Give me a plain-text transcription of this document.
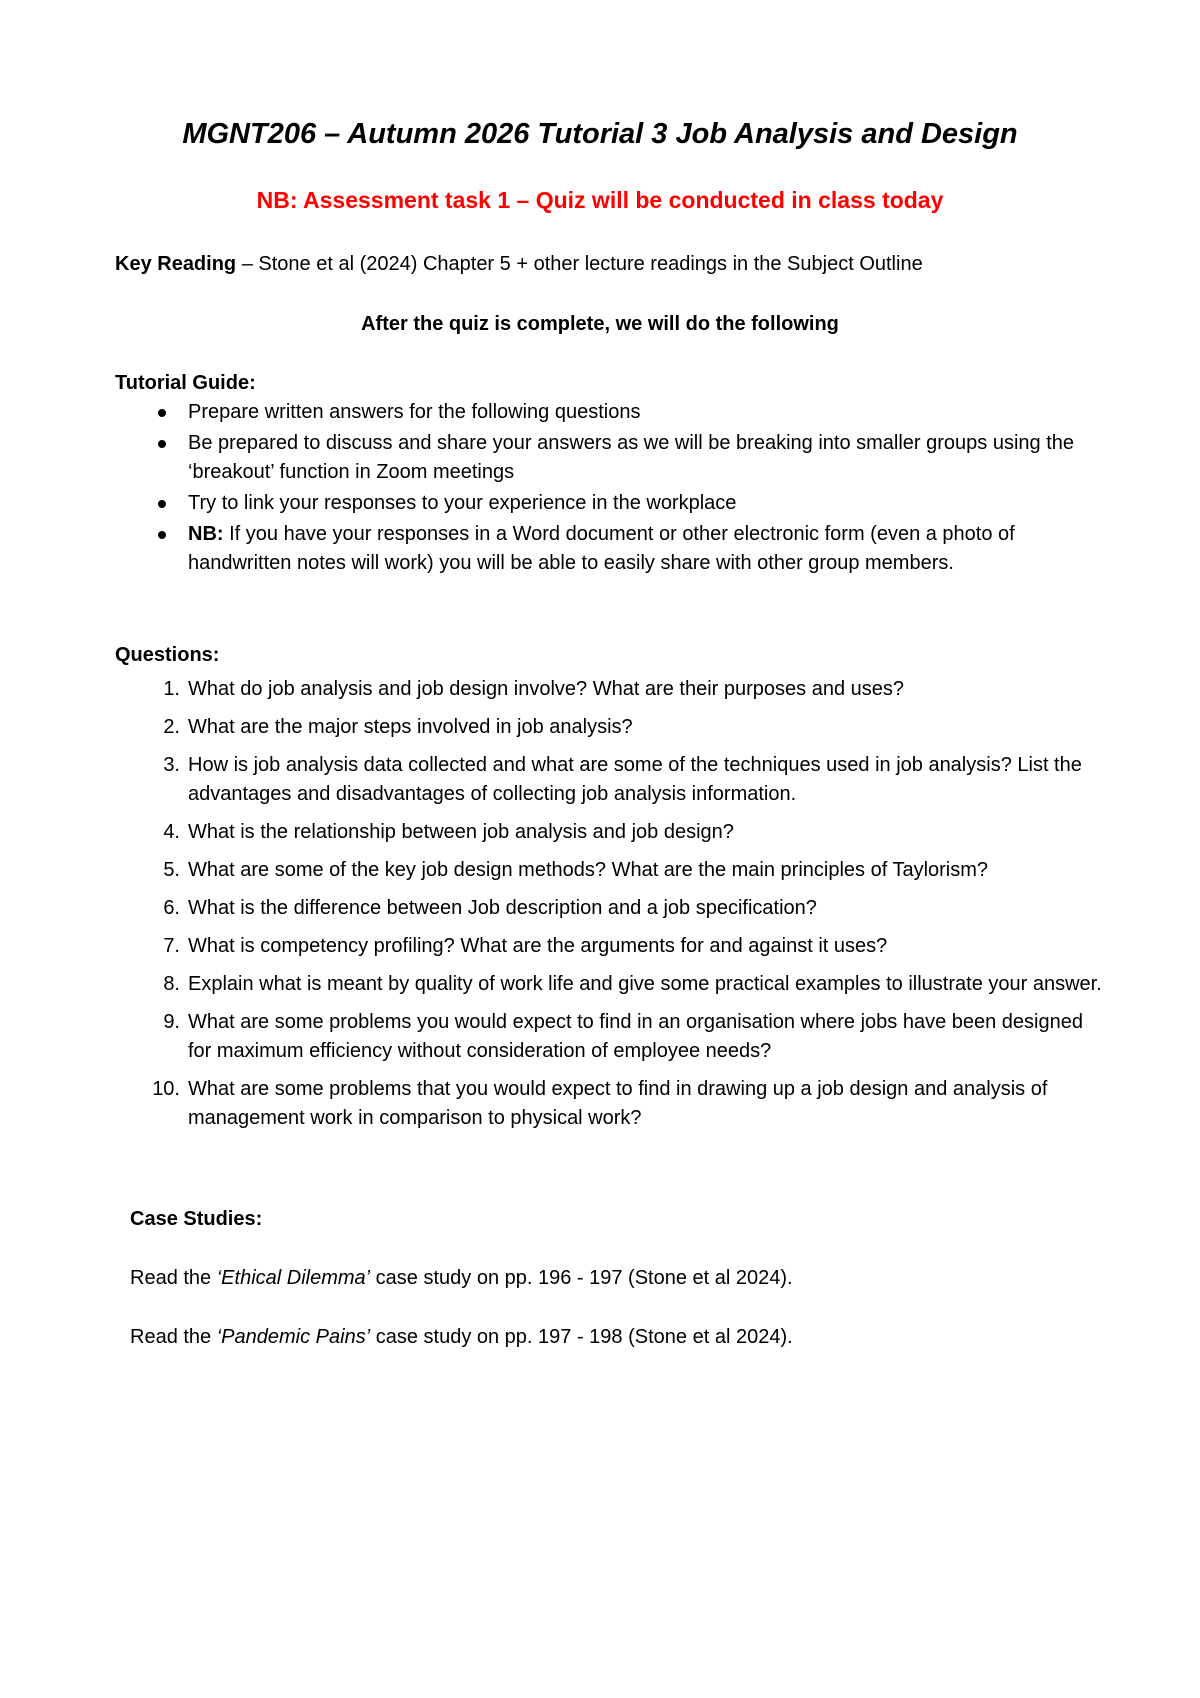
MGNT206 – Autumn 2026 Tutorial 3 Job Analysis and Design
NB: Assessment task 1 – Quiz will be conducted in class today
Key Reading – Stone et al (2024) Chapter 5 + other lecture readings in the Subject Outline
After the quiz is complete, we will do the following
Tutorial Guide:
Prepare written answers for the following questions
Be prepared to discuss and share your answers as we will be breaking into smaller groups using the ‘breakout’ function in Zoom meetings
Try to link your responses to your experience in the workplace
NB: If you have your responses in a Word document or other electronic form (even a photo of handwritten notes will work) you will be able to easily share with other group members.
Questions:
1. What do job analysis and job design involve? What are their purposes and uses?
2. What are the major steps involved in job analysis?
3. How is job analysis data collected and what are some of the techniques used in job analysis? List the advantages and disadvantages of collecting job analysis information.
4. What is the relationship between job analysis and job design?
5. What are some of the key job design methods? What are the main principles of Taylorism?
6. What is the difference between Job description and a job specification?
7. What is competency profiling? What are the arguments for and against it uses?
8. Explain what is meant by quality of work life and give some practical examples to illustrate your answer.
9. What are some problems you would expect to find in an organisation where jobs have been designed for maximum efficiency without consideration of employee needs?
10. What are some problems that you would expect to find in drawing up a job design and analysis of management work in comparison to physical work?
Case Studies:
Read the ‘Ethical Dilemma’ case study on pp. 196 - 197 (Stone et al 2024).
Read the ‘Pandemic Pains’ case study on pp. 197 - 198 (Stone et al 2024).
